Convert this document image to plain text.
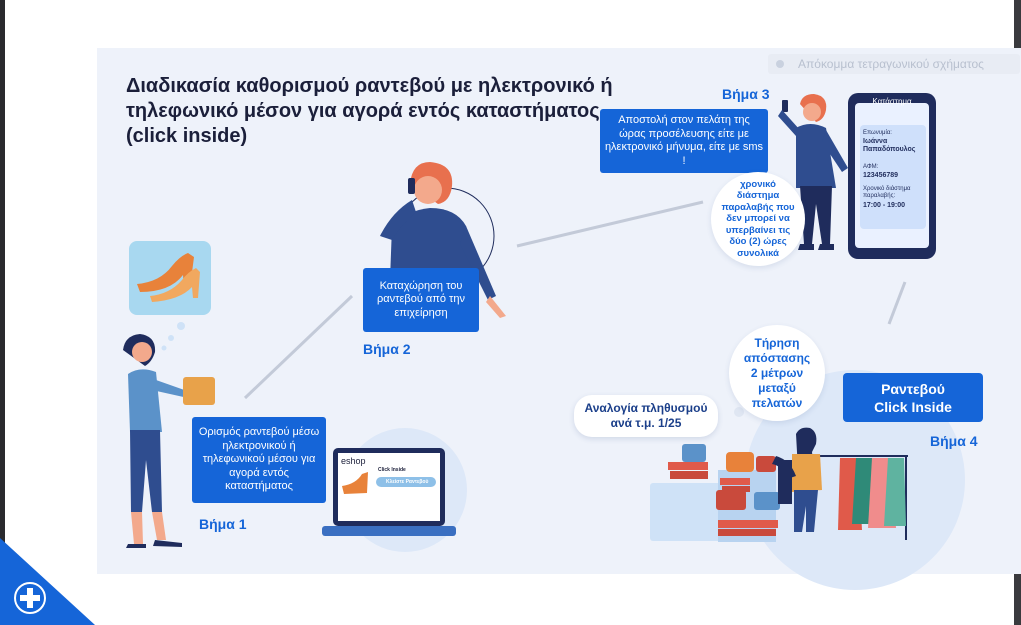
Διαδικασία καθορισμού ραντεβού με ηλεκτρονικό ή τηλεφωνικό μέσον για αγορά εντός καταστήματος (click inside)
Απόκομμα τετραγωνικού σχήματος
Ορισμός ραντεβού μέσω ηλεκτρονικού ή τηλεφωνικού μέσου για αγορά εντός καταστήματος
Βήμα 1
eshop
Click Inside
Κλείστε Ραντεβού
Καταχώρηση του ραντεβού από την επιχείρηση
Βήμα 2
Βήμα 3
Αποστολή στον πελάτη της ώρας προσέλευσης είτε με ηλεκτρονικό μήνυμα, είτε με sms !
χρονικό διάστημα παραλαβής που δεν μπορεί να υπερβαίνει τις δύο (2) ώρες συνολικά
Κατάστημα
Επωνυμία:
Ιωάννα Παπαδόπουλος
ΑΦΜ:
123456789
Χρονικό διάστημα παραλαβής:
17:00 - 19:00
Τήρηση απόστασης 2 μέτρων μεταξύ πελατών
Αναλογία πληθυσμού ανά τ.μ. 1/25
Ραντεβού Click Inside
Βήμα 4
